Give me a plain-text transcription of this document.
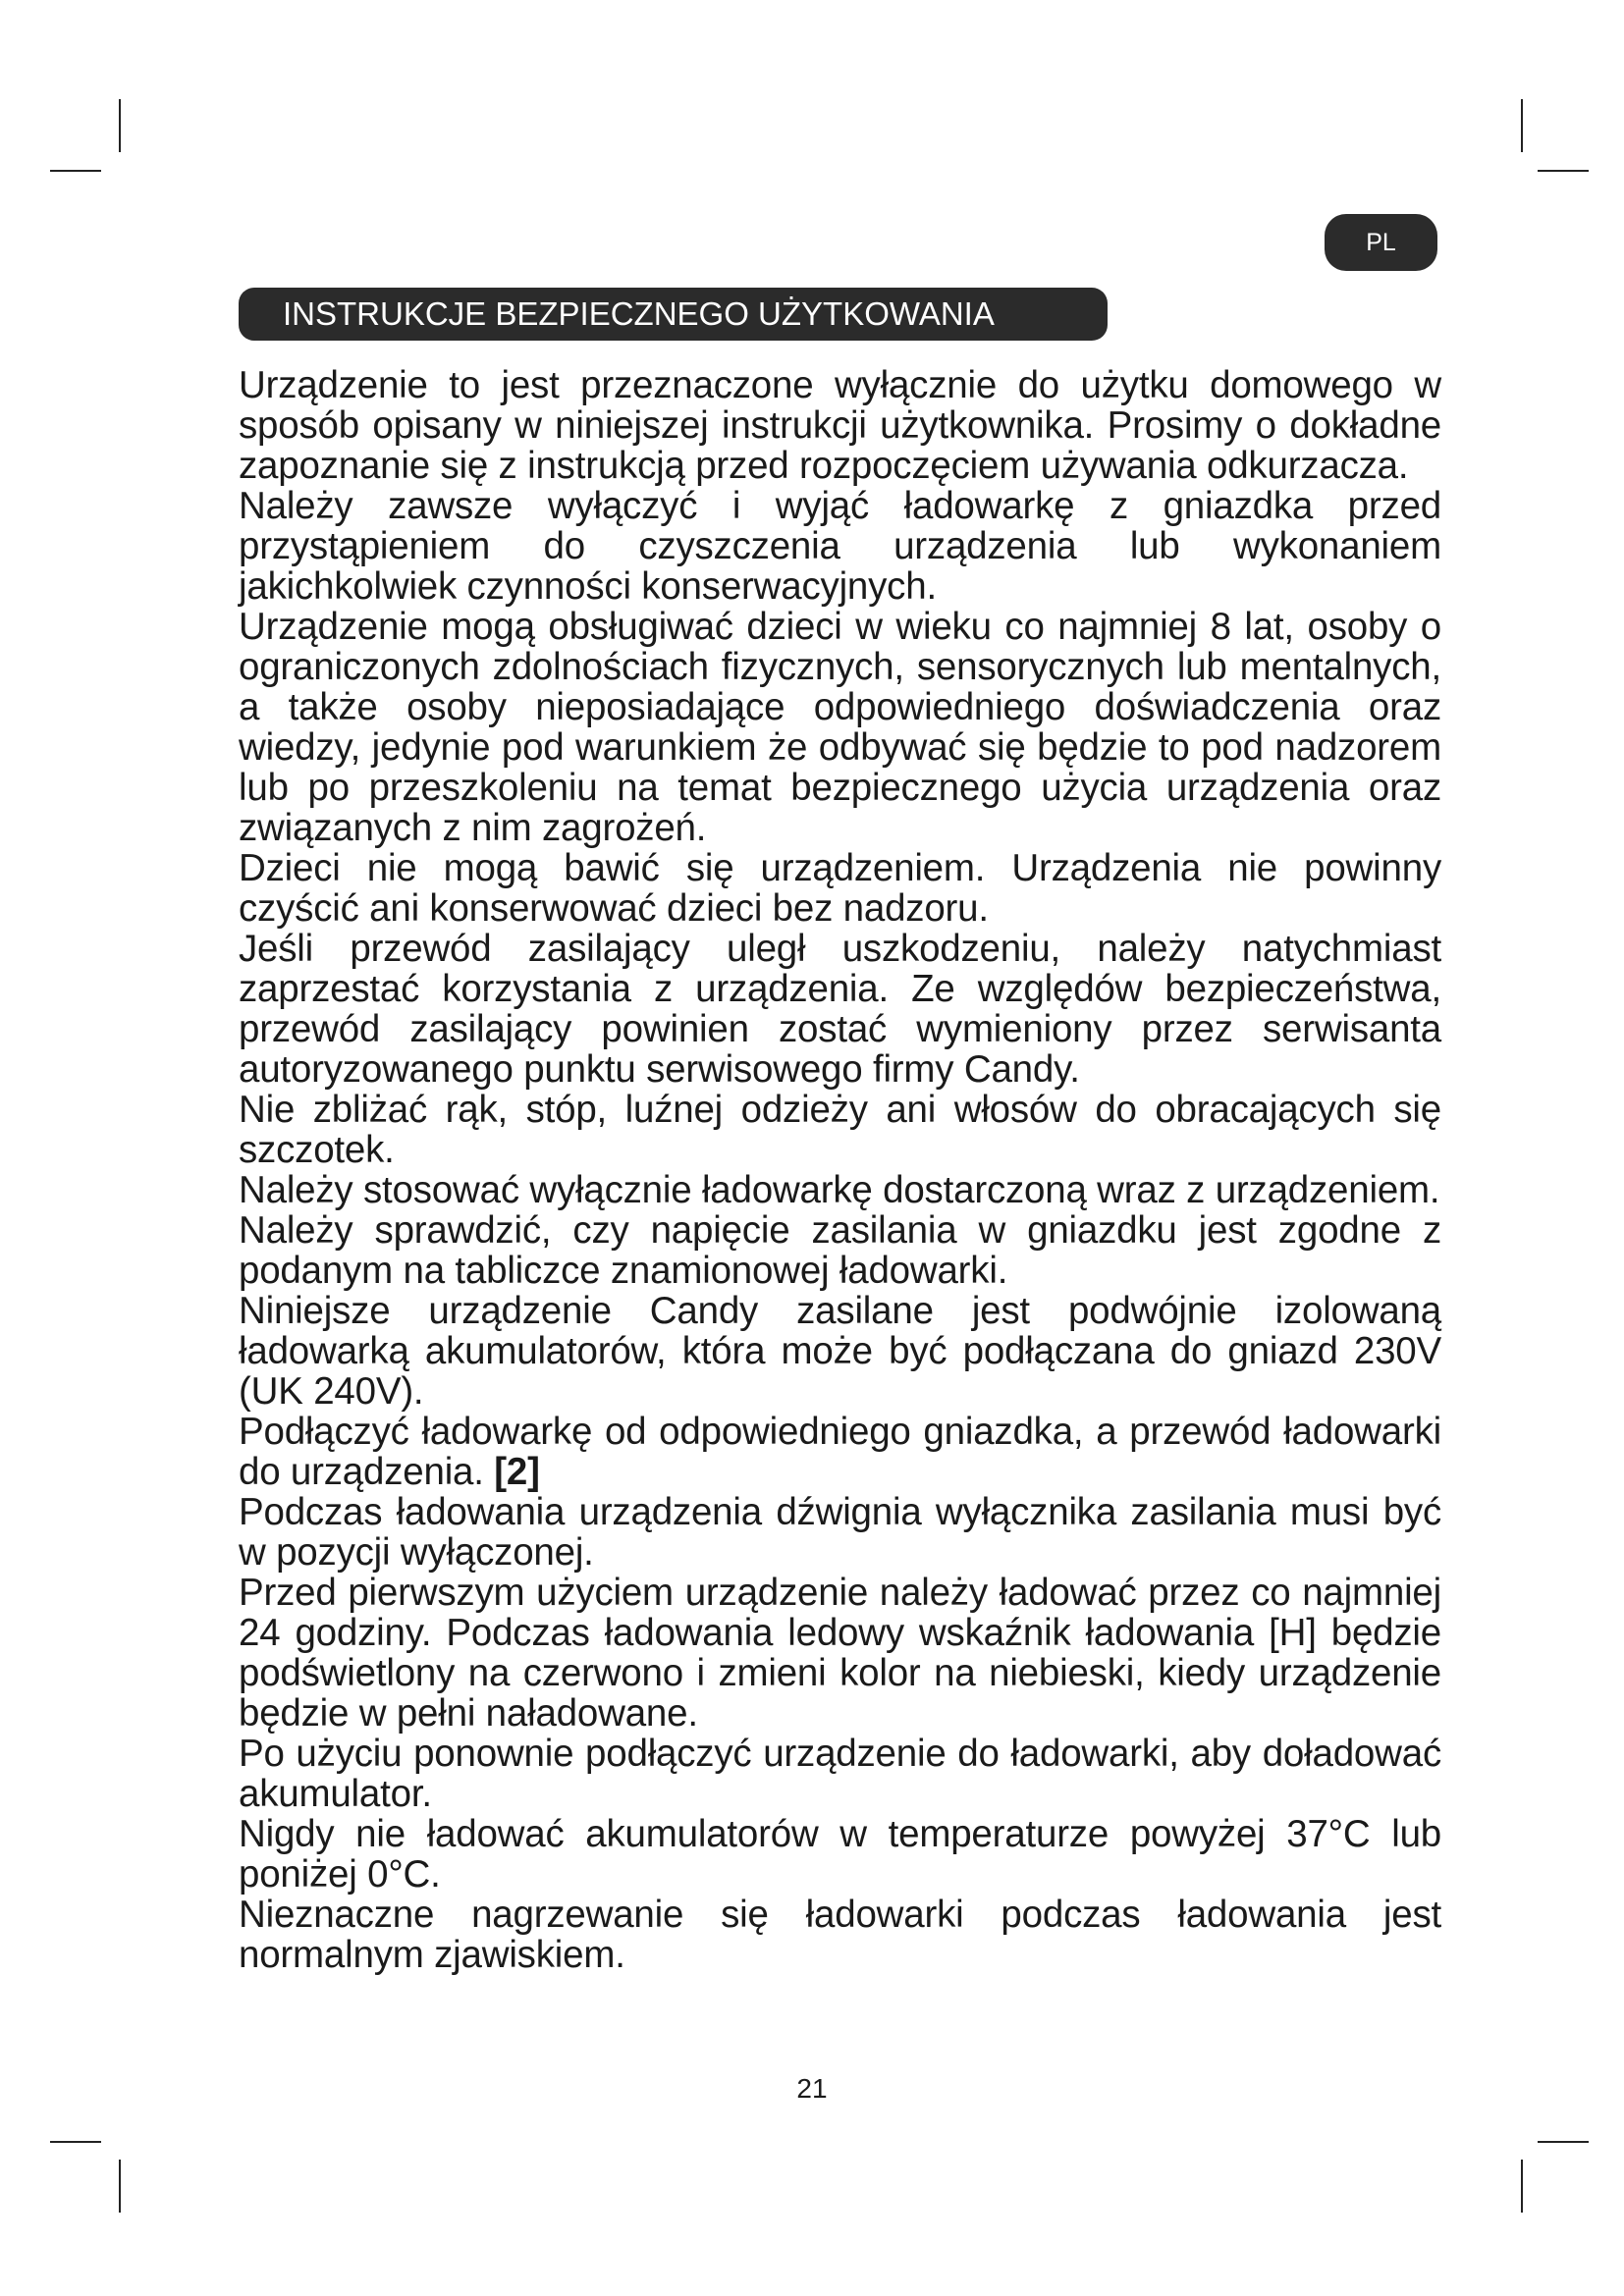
PL
INSTRUKCJE BEZPIECZNEGO UŻYTKOWANIA

Urządzenie to jest przeznaczone wyłącznie do użytku domowego w sposób opisany w niniejszej instrukcji użytkownika. Prosimy o dokładne zapoznanie się z instrukcją przed rozpoczęciem używania odkurzacza.

Należy zawsze wyłączyć i wyjąć ładowarkę z gniazdka przed przystąpieniem do czyszczenia urządzenia lub wykonaniem jakichkolwiek czynności konserwacyjnych.

Urządzenie mogą obsługiwać dzieci w wieku co najmniej 8 lat, osoby o ograniczonych zdolnościach fizycznych, sensorycznych lub mentalnych, a także osoby nieposiadające odpowiedniego doświadczenia oraz wiedzy, jedynie pod warunkiem że odbywać się będzie to pod nadzorem lub po przeszkoleniu na temat bezpiecznego użycia urządzenia oraz związanych z nim zagrożeń.

Dzieci nie mogą bawić się urządzeniem. Urządzenia nie powinny czyścić ani konserwować dzieci bez nadzoru.

Jeśli przewód zasilający uległ uszkodzeniu, należy natychmiast zaprzestać korzystania z urządzenia. Ze względów bezpieczeństwa, przewód zasilający powinien zostać wymieniony przez serwisanta autoryzowanego punktu serwisowego firmy Candy.

Nie zbliżać rąk, stóp, luźnej odzieży ani włosów do obracających się szczotek.

Należy stosować wyłącznie ładowarkę dostarczoną wraz z urządzeniem.

Należy sprawdzić, czy napięcie zasilania w gniazdku jest zgodne z podanym na tabliczce znamionowej ładowarki.

Niniejsze urządzenie Candy zasilane jest podwójnie izolowaną ładowarką akumulatorów, która może być podłączana do gniazd 230V (UK 240V).

Podłączyć ładowarkę od odpowiedniego gniazdka, a przewód ładowarki do urządzenia. [2]

Podczas ładowania urządzenia dźwignia wyłącznika zasilania musi być w pozycji wyłączonej.

Przed pierwszym użyciem urządzenie należy ładować przez co najmniej 24 godziny. Podczas ładowania ledowy wskaźnik ładowania [H] będzie podświetlony na czerwono i zmieni kolor na niebieski, kiedy urządzenie będzie w pełni naładowane.

Po użyciu ponownie podłączyć urządzenie do ładowarki, aby doładować akumulator.

Nigdy nie ładować akumulatorów w temperaturze powyżej 37°C lub poniżej 0°C.

Nieznaczne nagrzewanie się ładowarki podczas ładowania jest normalnym zjawiskiem.

21
